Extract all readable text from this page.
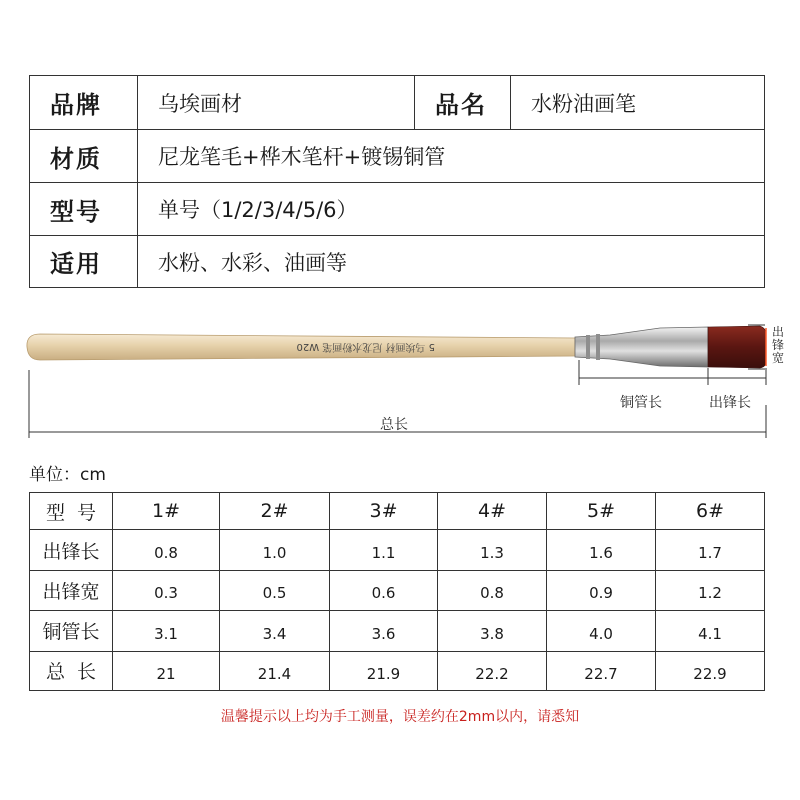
品牌	乌埃画材	品名	水粉油画笔
材质	尼龙笔毛+桦木笔杆+镀锡铜管		
型号	单号（1/2/3/4/5/6）		
适用	水粉、水彩、油画等		
5 乌埃画材 尼龙水粉画笔 W20
铜管长	出锋长
出锋宽
总长
单位：cm
型  号	1#	2#	3#	4#	5#	6#
出锋长	0.8	1.0	1.1	1.3	1.6	1.7
出锋宽	0.3	0.5	0.6	0.8	0.9	1.2
铜管长	3.1	3.4	3.6	3.8	4.0	4.1
总  长	21	21.4	21.9	22.2	22.7	22.9
温馨提示以上均为手工测量，误差约在2mm以内，请悉知
